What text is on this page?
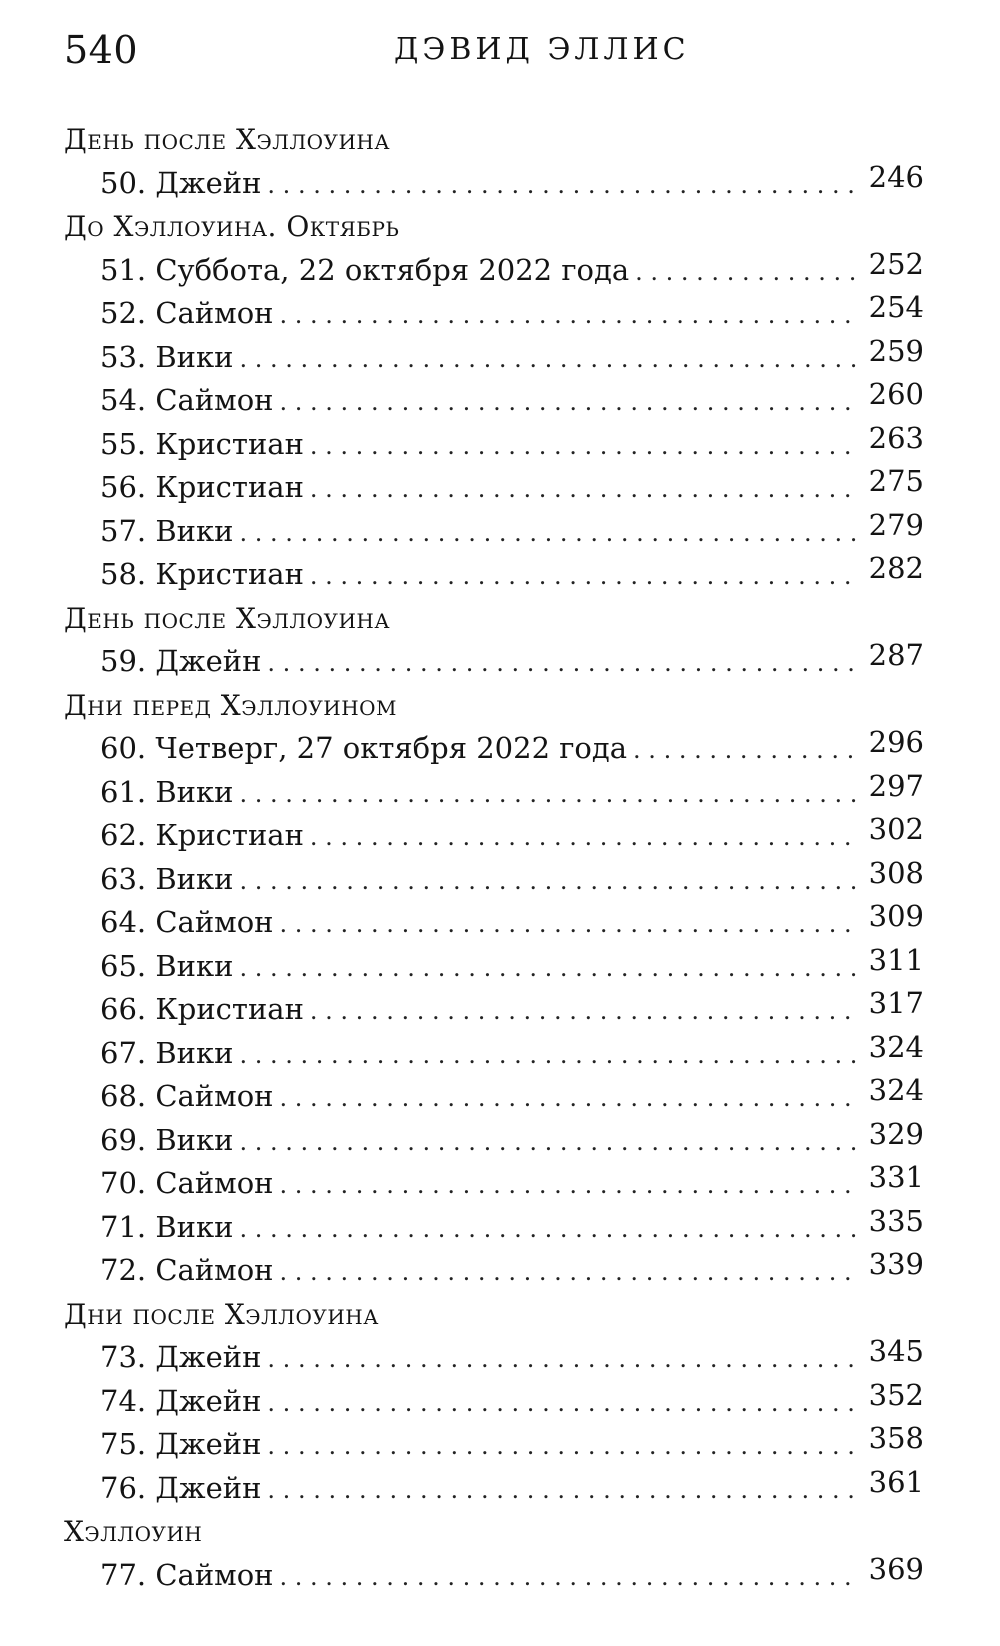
540	ДЭВИД ЭЛЛИС
День после Хэллоуина
50. Джейн . . .	246
До Хэллоуина. Октябрь
51. Суббота, 22 октября 2022 года . . .	252
52. Саймон . . .	254
53. Вики . . .	259
54. Саймон . . .	260
55. Кристиан . . .	263
56. Кристиан . . .	275
57. Вики . . .	279
58. Кристиан . . .	282
День после Хэллоуина
59. Джейн . . .	287
Дни перед Хэллоуином
60. Четверг, 27 октября 2022 года . . .	296
61. Вики . . .	297
62. Кристиан . . .	302
63. Вики . . .	308
64. Саймон . . .	309
65. Вики . . .	311
66. Кристиан . . .	317
67. Вики . . .	324
68. Саймон . . .	324
69. Вики . . .	329
70. Саймон . . .	331
71. Вики . . .	335
72. Саймон . . .	339
Дни после Хэллоуина
73. Джейн . . .	345
74. Джейн . . .	352
75. Джейн . . .	358
76. Джейн . . .	361
Хэллоуин
77. Саймон . . .	369
